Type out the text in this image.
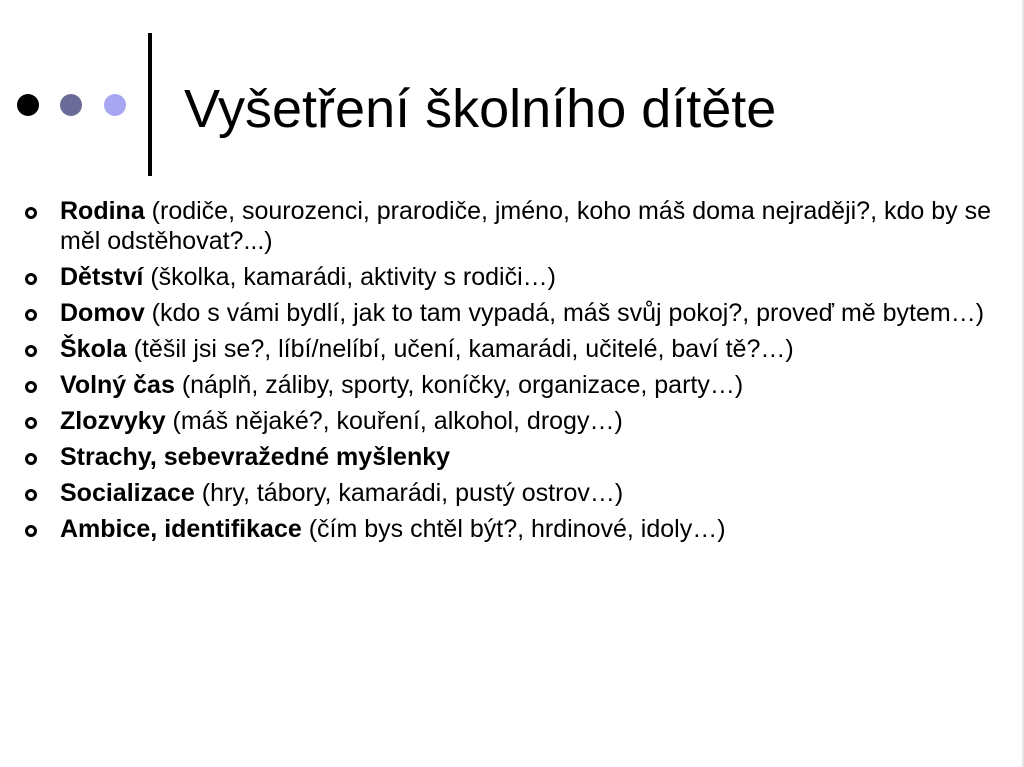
Vyšetření školního dítěte
Rodina (rodiče, sourozenci, prarodiče, jméno, koho máš doma nejraději?, kdo by se měl odstěhovat?...)
Dětství (školka, kamarádi, aktivity s rodiči…)
Domov (kdo s vámi bydlí, jak to tam vypadá, máš svůj pokoj?, proveď mě bytem…)
Škola (těšil jsi se?, líbí/nelíbí, učení, kamarádi, učitelé, baví tě?…)
Volný čas (náplň, záliby, sporty, koníčky, organizace, party…)
Zlozvyky (máš nějaké?, kouření, alkohol, drogy…)
Strachy, sebevražedné myšlenky
Socializace (hry, tábory, kamarádi, pustý ostrov…)
Ambice, identifikace (čím bys chtěl být?, hrdinové, idoly…)
